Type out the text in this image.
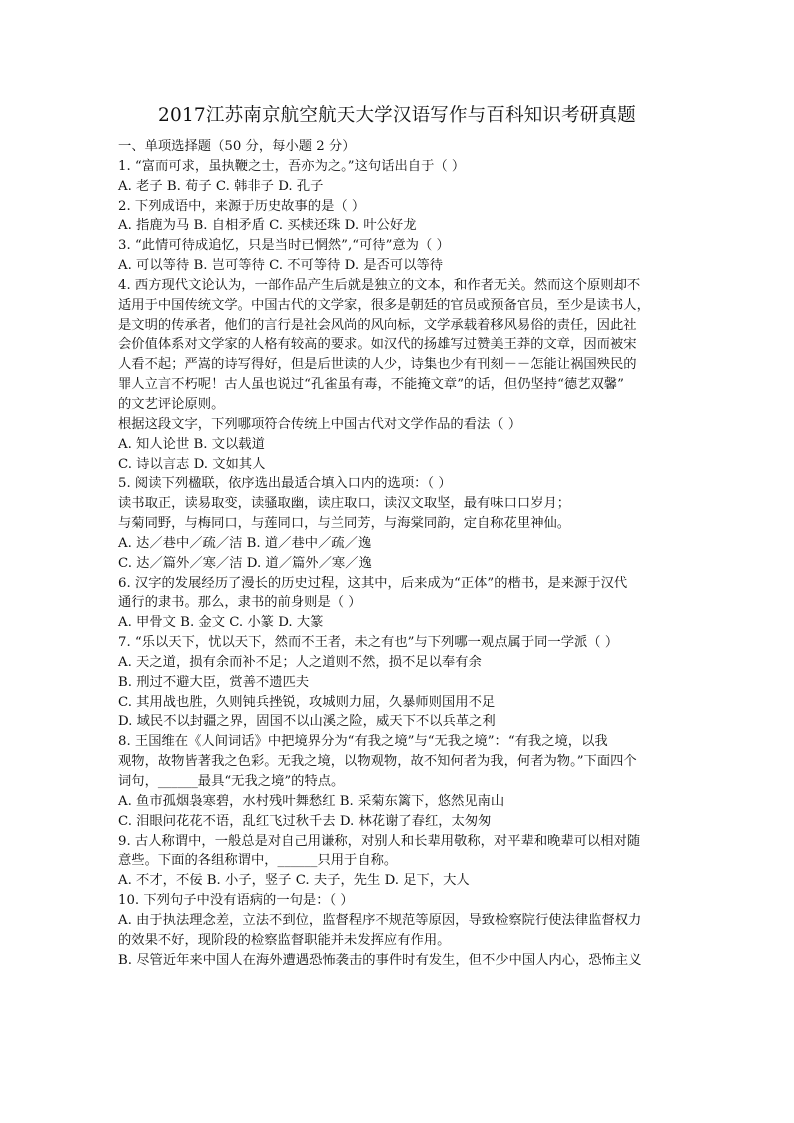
2017江苏南京航空航天大学汉语写作与百科知识考研真题
一、单项选择题（50 分，每小题 2 分）
1. “富而可求，虽执鞭之士，吾亦为之。”这句话出自于（ ）
A. 老子 B. 荀子 C. 韩非子 D. 孔子
2. 下列成语中，来源于历史故事的是（ ）
A. 指鹿为马 B. 自相矛盾 C. 买椟还珠 D. 叶公好龙
3. “此情可待成追忆，只是当时已惘然”,“可待”意为（ ）
A. 可以等待 B. 岂可等待 C. 不可等待 D. 是否可以等待
4. 西方现代文论认为，一部作品产生后就是独立的文本，和作者无关。然而这个原则却不
适用于中国传统文学。中国古代的文学家，很多是朝廷的官员或预备官员，至少是读书人，
是文明的传承者，他们的言行是社会风尚的风向标，文学承载着移风易俗的责任，因此社
会价值体系对文学家的人格有较高的要求。如汉代的扬雄写过赞美王莽的文章，因而被宋
人看不起；严嵩的诗写得好，但是后世读的人少，诗集也少有刊刻－－怎能让祸国殃民的
罪人立言不朽呢！古人虽也说过“孔雀虽有毒，不能掩文章”的话，但仍坚持“德艺双馨”
的文艺评论原则。
根据这段文字，下列哪项符合传统上中国古代对文学作品的看法（ ）
A. 知人论世 B. 文以载道
C. 诗以言志 D. 文如其人
5. 阅读下列楹联，依序选出最适合填入口内的选项：（ ）
读书取正，读易取变，读骚取幽，读庄取口，读汉文取坚，最有味口口岁月；
与菊同野，与梅同口，与莲同口，与兰同芳，与海棠同韵，定自称花里神仙。
A. 达／巷中／疏／洁 B. 道／巷中／疏／逸
C. 达／篇外／寒／洁 D. 道／篇外／寒／逸
6. 汉字的发展经历了漫长的历史过程，这其中，后来成为“正体”的楷书，是来源于汉代
通行的隶书。那么，隶书的前身则是（ ）
A. 甲骨文 B. 金文 C. 小篆 D. 大篆
7. “乐以天下，忧以天下，然而不王者，未之有也”与下列哪一观点属于同一学派（ ）
A. 天之道，损有余而补不足；人之道则不然，损不足以奉有余
B. 刑过不避大臣，赏善不遗匹夫
C. 其用战也胜，久则钝兵挫锐，攻城则力屈，久暴师则国用不足
D. 域民不以封疆之界，固国不以山溪之险，威天下不以兵革之利
8. 王国维在《人间词话》中把境界分为“有我之境”与“无我之境”：“有我之境，以我
观物，故物皆著我之色彩。无我之境，以物观物，故不知何者为我，何者为物。”下面四个
词句，______最具“无我之境”的特点。
A. 鱼市孤烟袅寒碧，水村残叶舞愁红 B. 采菊东篱下，悠然见南山
C. 泪眼问花花不语，乱红飞过秋千去 D. 林花谢了春红，太匆匆
9. 古人称谓中，一般总是对自己用谦称，对别人和长辈用敬称，对平辈和晚辈可以相对随
意些。下面的各组称谓中，______只用于自称。
A. 不才，不佞 B. 小子，竖子 C. 夫子，先生 D. 足下，大人
10. 下列句子中没有语病的一句是：（ ）
A. 由于执法理念差，立法不到位，监督程序不规范等原因，导致检察院行使法律监督权力
的效果不好，现阶段的检察监督职能并未发挥应有作用。
B. 尽管近年来中国人在海外遭遇恐怖袭击的事件时有发生，但不少中国人内心，恐怖主义
